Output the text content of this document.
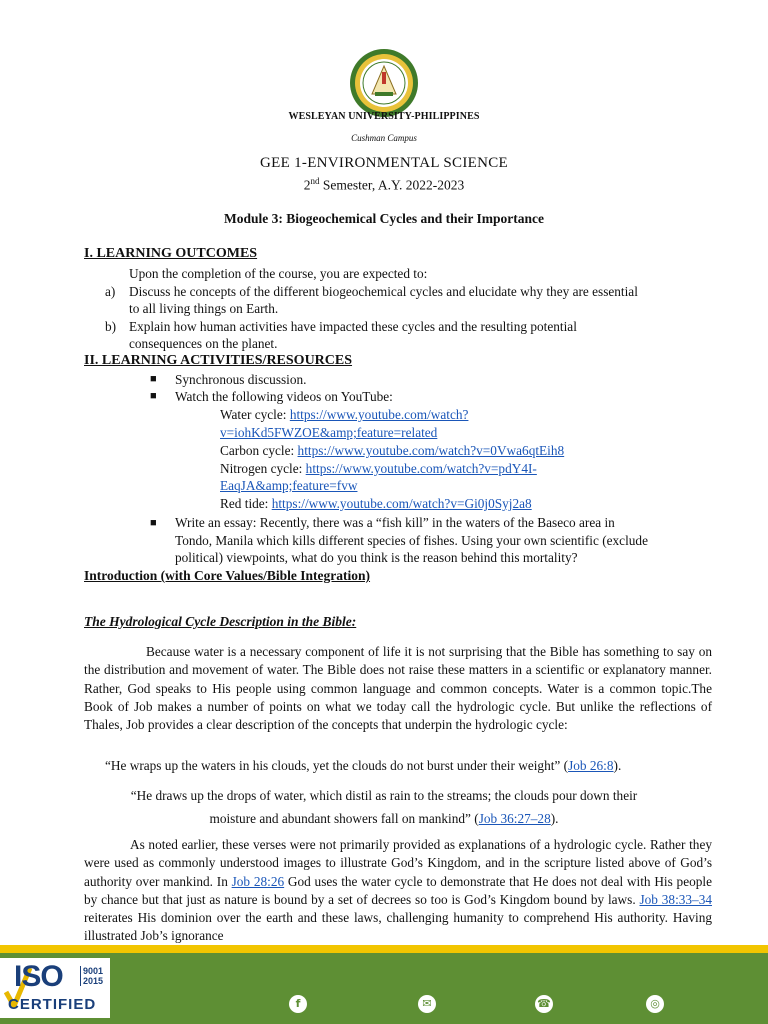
WESLEYAN UNIVERSITY-PHILIPPINES
Cushman Campus
GEE 1-ENVIRONMENTAL SCIENCE
2nd Semester, A.Y. 2022-2023
Module 3: Biogeochemical Cycles and their Importance
I. LEARNING OUTCOMES
Upon the completion of the course, you are expected to:
a) Discuss he concepts of the different biogeochemical cycles and elucidate why they are essential
to all living things on Earth.
b) Explain how human activities have impacted these cycles and the resulting potential
consequences on the planet.
II. LEARNING ACTIVITIES/RESOURCES
■ Synchronous discussion.
■ Watch the following videos on YouTube:
Water cycle: https://www.youtube.com/watch?
v=iohKd5FWZOE&amp;feature=related
Carbon cycle: https://www.youtube.com/watch?v=0Vwa6qtEih8
Nitrogen cycle: https://www.youtube.com/watch?v=pdY4I-
EaqJA&amp;feature=fvw
Red tide: https://www.youtube.com/watch?v=Gi0j0Syj2a8
■ Write an essay: Recently, there was a “fish kill” in the waters of the Baseco area in
Tondo, Manila which kills different species of fishes. Using your own scientific (exclude
political) viewpoints, what do you think is the reason behind this mortality?
Introduction (with Core Values/Bible Integration)
The Hydrological Cycle Description in the Bible:
Because water is a necessary component of life it is not surprising that the Bible has something to say on the distribution and movement of water. The Bible does not raise these matters in a scientific or explanatory manner. Rather, God speaks to His people using common language and common concepts. Water is a common topic.The Book of Job makes a number of points on what we today call the hydrologic cycle. But unlike the reflections of Thales, Job provides a clear description of the concepts that underpin the hydrologic cycle:
“He wraps up the waters in his clouds, yet the clouds do not burst under their weight” (Job 26:8).
“He draws up the drops of water, which distil as rain to the streams; the clouds pour down their
moisture and abundant showers fall on mankind” (Job 36:27–28).
As noted earlier, these verses were not primarily provided as explanations of a hydrologic cycle. Rather they were used as commonly understood images to illustrate God’s Kingdom, and in the scripture listed above of God’s authority over mankind. In Job 28:26 God uses the water cycle to demonstrate that He does not deal with His people by chance but that just as nature is bound by a set of decrees so too is God’s Kingdom bound by laws. Job 38:33–34 reiterates His dominion over the earth and these laws, challenging humanity to comprehend His authority. Having illustrated Job’s ignorance
ISO	9001
2015
CERTIFIED	f	✉	☎	◎
